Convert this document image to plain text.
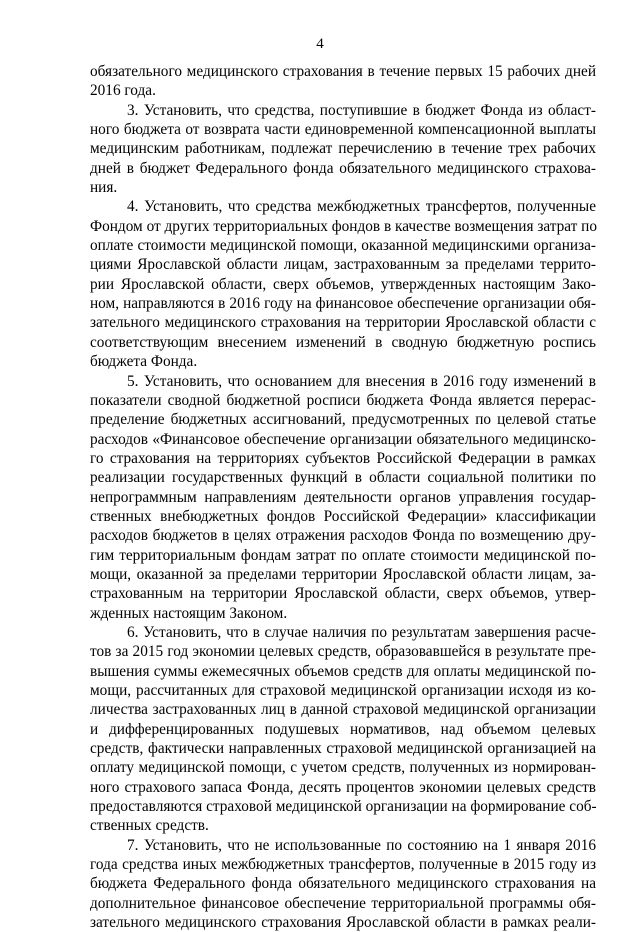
4
обязательного медицинского страхования в течение первых 15 рабочих дней
2016 года.
3. Установить, что средства, поступившие в бюджет Фонда из област-
ного бюджета от возврата части единовременной компенсационной выплаты
медицинским работникам, подлежат перечислению в течение трех рабочих
дней в бюджет Федерального фонда обязательного медицинского страхова-
ния.
4. Установить, что средства межбюджетных трансфертов, полученные
Фондом от других территориальных фондов в качестве возмещения затрат по
оплате стоимости медицинской помощи, оказанной медицинскими организа-
циями Ярославской области лицам, застрахованным за пределами террито-
рии Ярославской области, сверх объемов, утвержденных настоящим Зако-
ном, направляются в 2016 году на финансовое обеспечение организации обя-
зательного медицинского страхования на территории Ярославской области с
соответствующим внесением изменений в сводную бюджетную роспись
бюджета Фонда.
5. Установить, что основанием для внесения в 2016 году изменений в
показатели сводной бюджетной росписи бюджета Фонда является перерас-
пределение бюджетных ассигнований, предусмотренных по целевой статье
расходов «Финансовое обеспечение организации обязательного медицинско-
го страхования на территориях субъектов Российской Федерации в рамках
реализации государственных функций в области социальной политики по
непрограммным направлениям деятельности органов управления государ-
ственных внебюджетных фондов Российской Федерации» классификации
расходов бюджетов в целях отражения расходов Фонда по возмещению дру-
гим территориальным фондам затрат по оплате стоимости медицинской по-
мощи, оказанной за пределами территории Ярославской области лицам, за-
страхованным на территории Ярославской области, сверх объемов, утвер-
жденных настоящим Законом.
6. Установить, что в случае наличия по результатам завершения расче-
тов за 2015 год экономии целевых средств, образовавшейся в результате пре-
вышения суммы ежемесячных объемов средств для оплаты медицинской по-
мощи, рассчитанных для страховой медицинской организации исходя из ко-
личества застрахованных лиц в данной страховой медицинской организации
и дифференцированных подушевых нормативов, над объемом целевых
средств, фактически направленных страховой медицинской организацией на
оплату медицинской помощи, с учетом средств, полученных из нормирован-
ного страхового запаса Фонда, десять процентов экономии целевых средств
предоставляются страховой медицинской организации на формирование соб-
ственных средств.
7. Установить, что не использованные по состоянию на 1 января 2016
года средства иных межбюджетных трансфертов, полученные в 2015 году из
бюджета Федерального фонда обязательного медицинского страхования на
дополнительное финансовое обеспечение территориальной программы обя-
зательного медицинского страхования Ярославской области в рамках реали-
